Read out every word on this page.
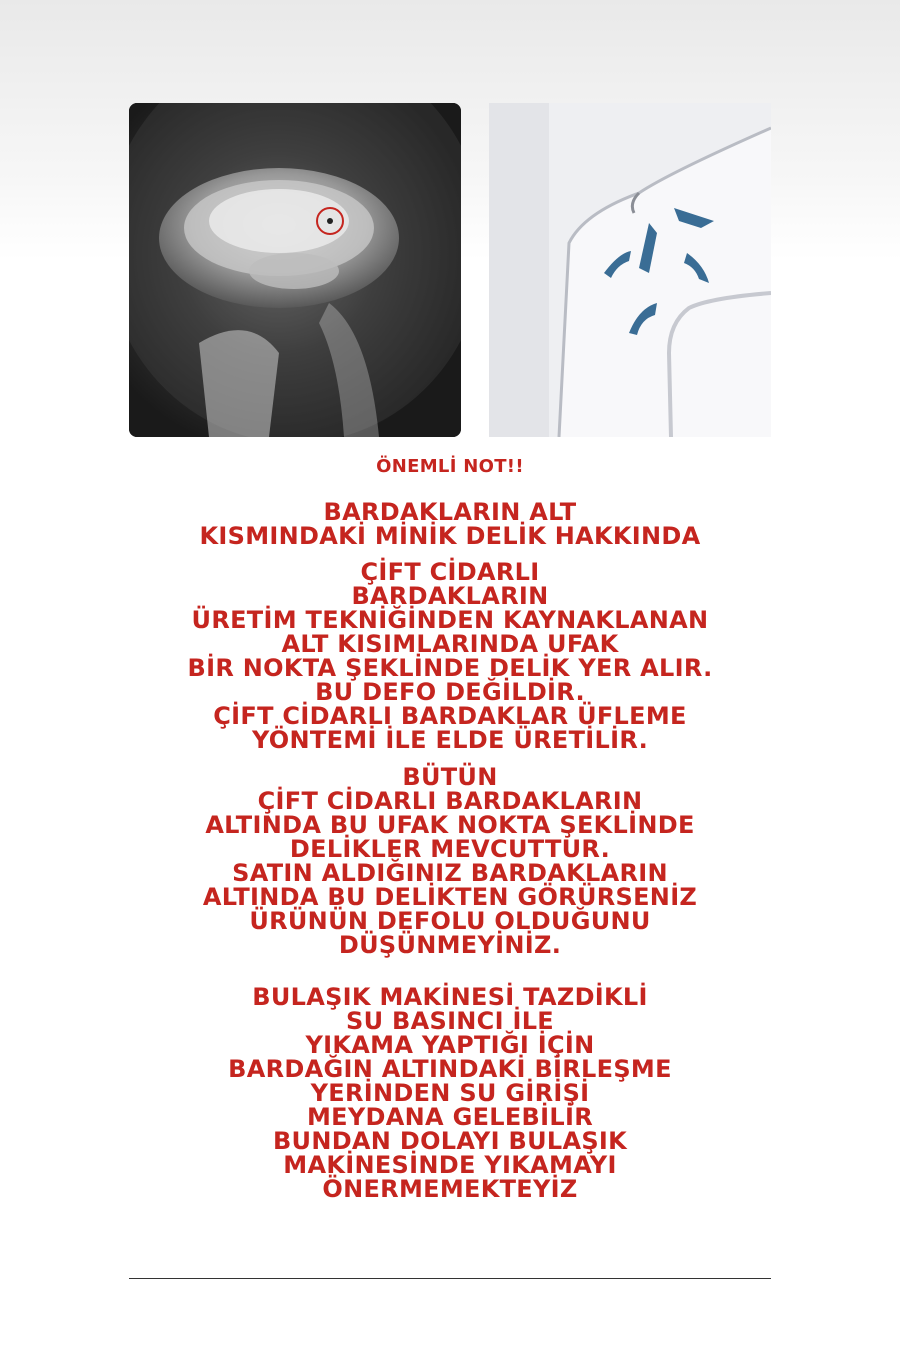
ÖNEMLİ NOT!!
BARDAKLARIN ALT
KISMINDAKİ MİNİK DELİK HAKKINDA
ÇİFT CİDARLI
BARDAKLARIN
ÜRETİM TEKNİĞİNDEN KAYNAKLANAN
ALT KISIMLARINDA UFAK
BİR NOKTA ŞEKLİNDE DELİK YER ALIR.
BU DEFO DEĞİLDİR.
ÇİFT CİDARLI BARDAKLAR ÜFLEME
YÖNTEMİ İLE ELDE ÜRETİLİR.
BÜTÜN
ÇİFT CİDARLI BARDAKLARIN
ALTINDA BU UFAK NOKTA ŞEKLİNDE
DELİKLER MEVCUTTUR.
SATIN ALDIĞINIZ BARDAKLARIN
ALTINDA BU DELİKTEN GÖRÜRSENİZ
ÜRÜNÜN DEFOLU OLDUĞUNU
DÜŞÜNMEYİNİZ.
BULAŞIK MAKİNESİ TAZDİKLİ
SU BASINCI İLE
YIKAMA YAPTIĞI İÇİN
BARDAĞIN ALTINDAKİ BİRLEŞME
YERİNDEN SU GİRİŞİ
MEYDANA GELEBİLİR
BUNDAN DOLAYI BULAŞIK
MAKİNESİNDE YIKAMAYI
ÖNERMEMEKTEYİZ
